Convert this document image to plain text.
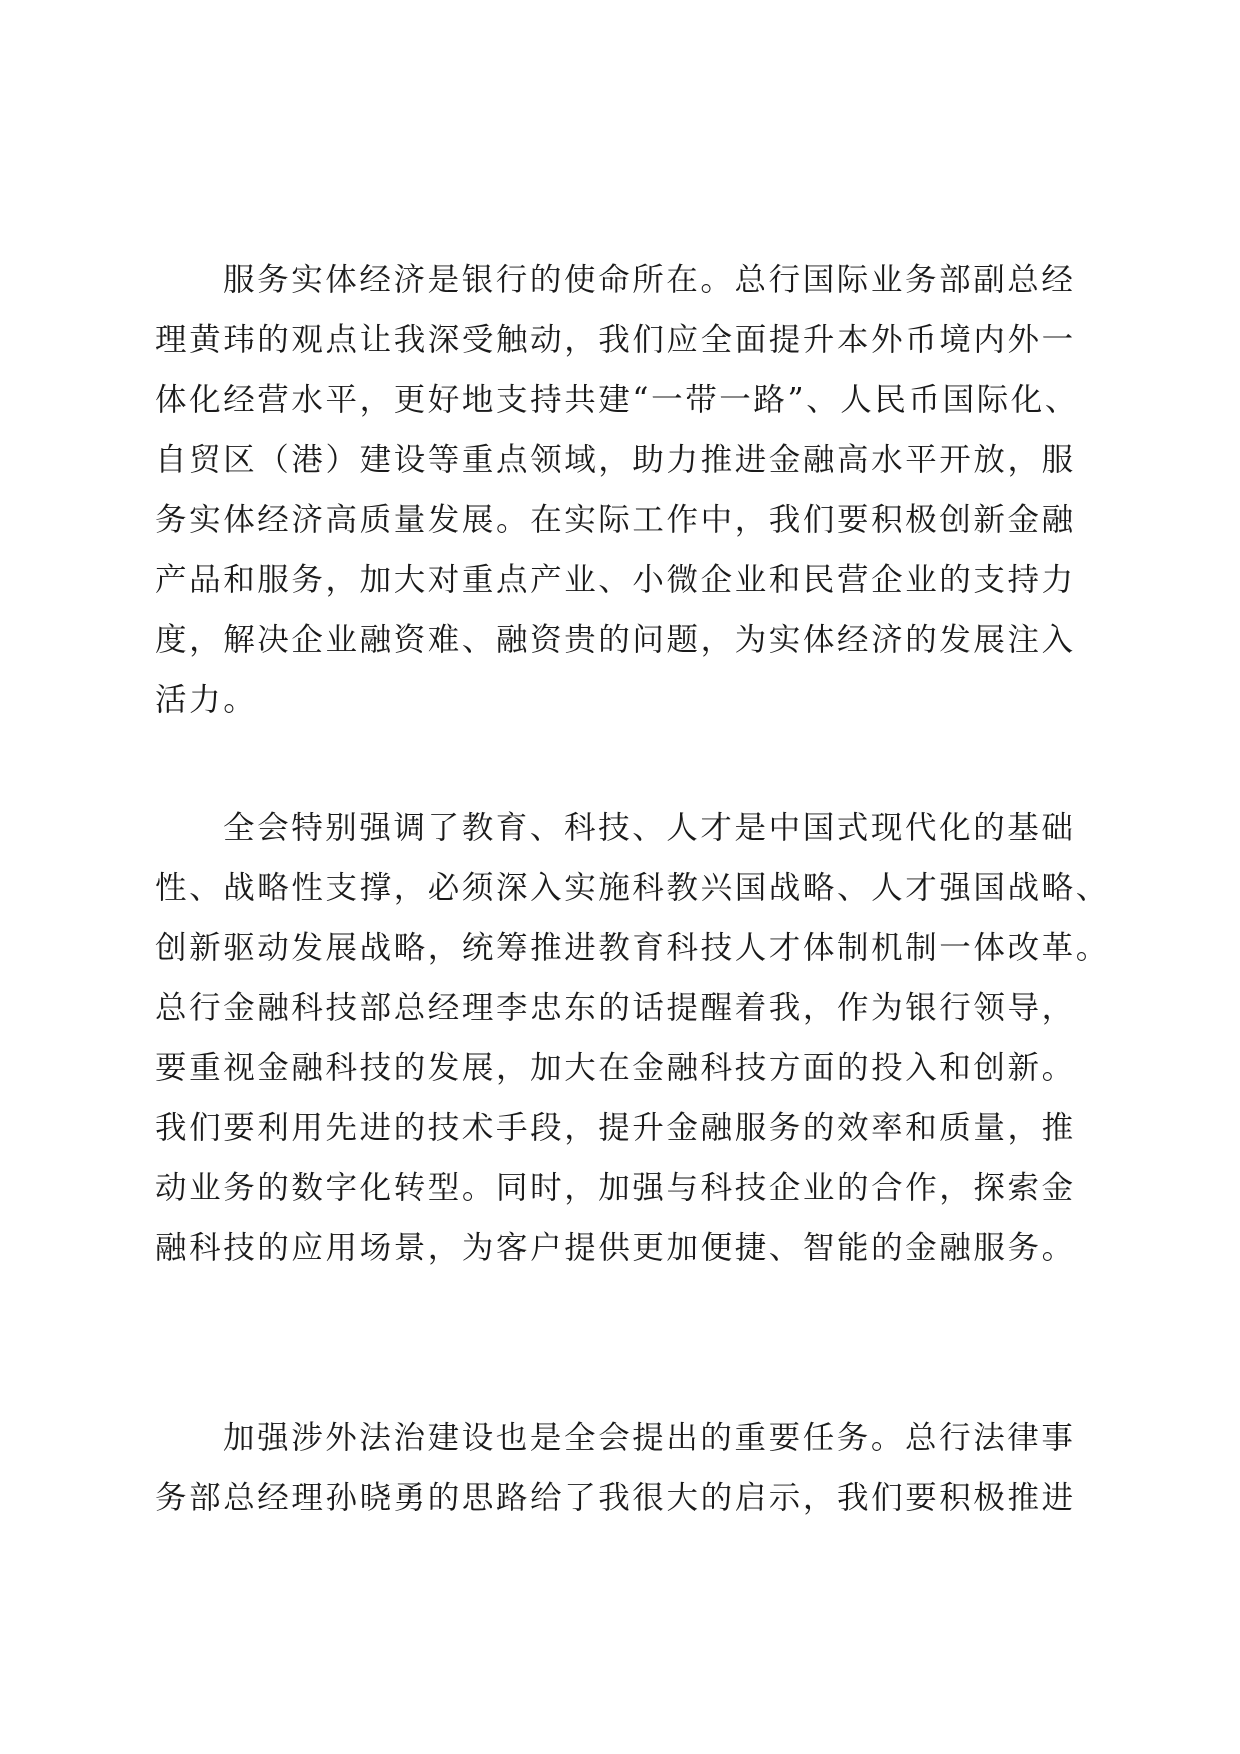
服务实体经济是银行的使命所在。总行国际业务部副总经
理黄玮的观点让我深受触动，我们应全面提升本外币境内外一
体化经营水平，更好地支持共建“一带一路”、人民币国际化、
自贸区（港）建设等重点领域，助力推进金融高水平开放，服
务实体经济高质量发展。在实际工作中，我们要积极创新金融
产品和服务，加大对重点产业、小微企业和民营企业的支持力
度，解决企业融资难、融资贵的问题，为实体经济的发展注入
活力。
全会特别强调了教育、科技、人才是中国式现代化的基础
性、战略性支撑，必须深入实施科教兴国战略、人才强国战略、
创新驱动发展战略，统筹推进教育科技人才体制机制一体改革。
总行金融科技部总经理李忠东的话提醒着我，作为银行领导，
要重视金融科技的发展，加大在金融科技方面的投入和创新。
我们要利用先进的技术手段，提升金融服务的效率和质量，推
动业务的数字化转型。同时，加强与科技企业的合作，探索金
融科技的应用场景，为客户提供更加便捷、智能的金融服务。
加强涉外法治建设也是全会提出的重要任务。总行法律事
务部总经理孙晓勇的思路给了我很大的启示，我们要积极推进
